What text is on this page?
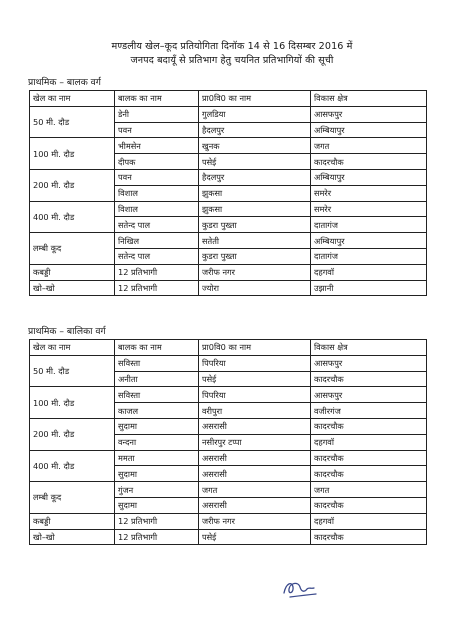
मण्डलीय खेल–कूद प्रतियोगिता दिनॉक 14 से 16 दिसम्बर 2016 में
जनपद बदायूँ से प्रतिभाग हेतु चयनित प्रतिभागियों की सूची
प्राथमिक – बालक वर्ग
खेल का नाम	बालक का नाम	प्रा0वि0 का नाम	विकास क्षेत्र
50 मी. दौड	डेनी	गुलडिया	आसफपुर
	पवन	हैदलपुर	अम्बियापुर
100 मी. दौड	भीमसेन	खुनक	जगत
	दीपक	पसेई	कादरचौक
200 मी. दौड	पवन	हैदलपुर	अम्बियापुर
	विशाल	झुकसा	समरेर
400 मी. दौड	विशाल	झुकसा	समरेर
	सतेन्द पाल	कुडरा पुख्ता	दातागंज
लम्बी कूद	निखिल	सतेती	अम्बियापुर
	सतेन्द पाल	कुडरा पुख्ता	दातागंज
कबड्डी	12 प्रतिभागी	जरीफ नगर	दहगवॉ
खो–खो	12 प्रतिभागी	ज्योरा	उझानी
प्राथमिक – बालिका वर्ग
खेल का नाम	बालक का नाम	प्रा0वि0 का नाम	विकास क्षेत्र
50 मी. दौड	सविस्ता	पिपरिया	आसफपुर
	अनीता	पसेई	कादरचौक
100 मी. दौड	सविस्ता	पिपरिया	आसफपुर
	काजल	वरीपुरा	वजीरगंज
200 मी. दौड	सुदामा	असरासी	कादरचौक
	वन्दना	नसीरपुर टप्पा	दहगवॉ
400 मी. दौड	ममता	असरासी	कादरचौक
	सुदामा	असरासी	कादरचौक
लम्बी कूद	गुंजन	जगत	जगत
	सुदामा	असरासी	कादरचौक
कबड्डी	12 प्रतिभागी	जरीफ नगर	दहगवॉ
खो–खो	12 प्रतिभागी	पसेई	कादरचौक
